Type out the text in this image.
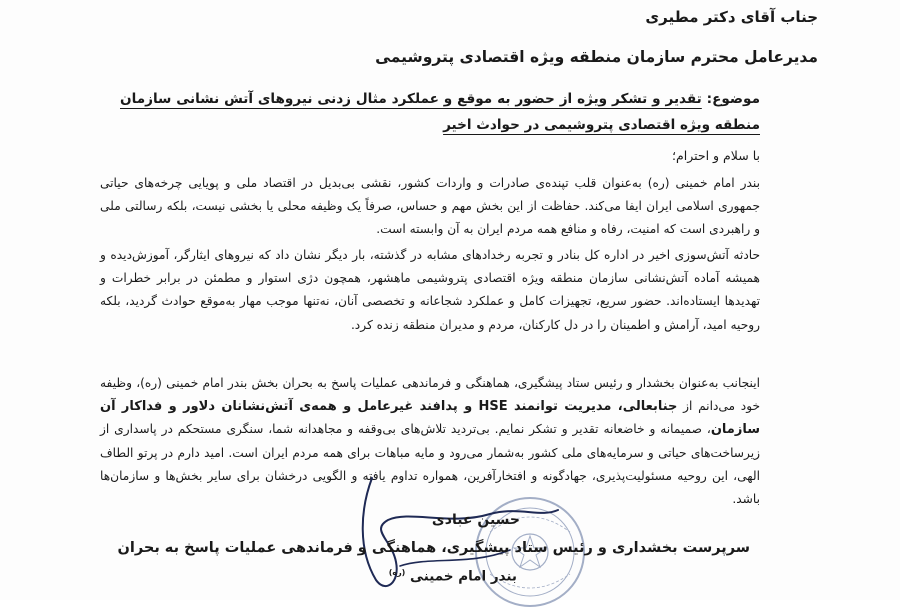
جناب آقای دکتر مطیری
مدیرعامل محترم سازمان منطقه ویژه اقتصادی پتروشیمی
موضوع: تقدیر و تشکر ویژه از حضور به موقع و عملکرد مثال زدنی نیروهای آتش نشانی سازمان منطقه ویژه اقتصادی پتروشیمی در حوادث اخیر
با سلام و احترام؛
بندر امام خمینی (ره) به‌عنوان قلب تپنده‌ی صادرات و واردات کشور، نقشی بی‌بدیل در اقتصاد ملی و پویایی چرخه‌های حیاتی جمهوری اسلامی ایران ایفا می‌کند. حفاظت از این بخش مهم و حساس، صرفاً یک وظیفه محلی یا بخشی نیست، بلکه رسالتی ملی و راهبردی است که امنیت، رفاه و منافع همه مردم ایران به آن وابسته است.
حادثه آتش‌سوزی اخیر در اداره کل بنادر و تجربه رخدادهای مشابه در گذشته، بار دیگر نشان داد که نیروهای ایثارگر، آموزش‌دیده و همیشه آماده آتش‌نشانی سازمان منطقه ویژه اقتصادی پتروشیمی ماهشهر، همچون دژی استوار و مطمئن در برابر خطرات و تهدیدها ایستاده‌اند. حضور سریع، تجهیزات کامل و عملکرد شجاعانه و تخصصی آنان، نه‌تنها موجب مهار به‌موقع حوادث گردید، بلکه روحیه امید، آرامش و اطمینان را در دل کارکنان، مردم و مدیران منطقه زنده کرد.
اینجانب به‌عنوان بخشدار و رئیس ستاد پیشگیری، هماهنگی و فرماندهی عملیات پاسخ به بحران بخش بندر امام خمینی (ره)، وظیفه خود می‌دانم از جنابعالی، مدیریت توانمند HSE و پدافند غیرعامل و همه‌ی آتش‌نشانان دلاور و فداکار آن سازمان، صمیمانه و خاضعانه تقدیر و تشکر نمایم. بی‌تردید تلاش‌های بی‌وقفه و مجاهدانه شما، سنگری مستحکم در پاسداری از زیرساخت‌های حیاتی و سرمایه‌های ملی کشور به‌شمار می‌رود و مایه مباهات برای همه مردم ایران است. امید دارم در پرتو الطاف الهی، این روحیه مسئولیت‌پذیری، جهادگونه و افتخارآفرین، همواره تداوم یافته و الگویی درخشان برای سایر بخش‌ها و سازمان‌ها باشد.
حسین عبادی
سرپرست بخشداری و رئیس ستاد پیشگیری، هماهنگی و فرماندهی عملیات پاسخ به بحران
بندر امام خمینی $^{(ره)}$
